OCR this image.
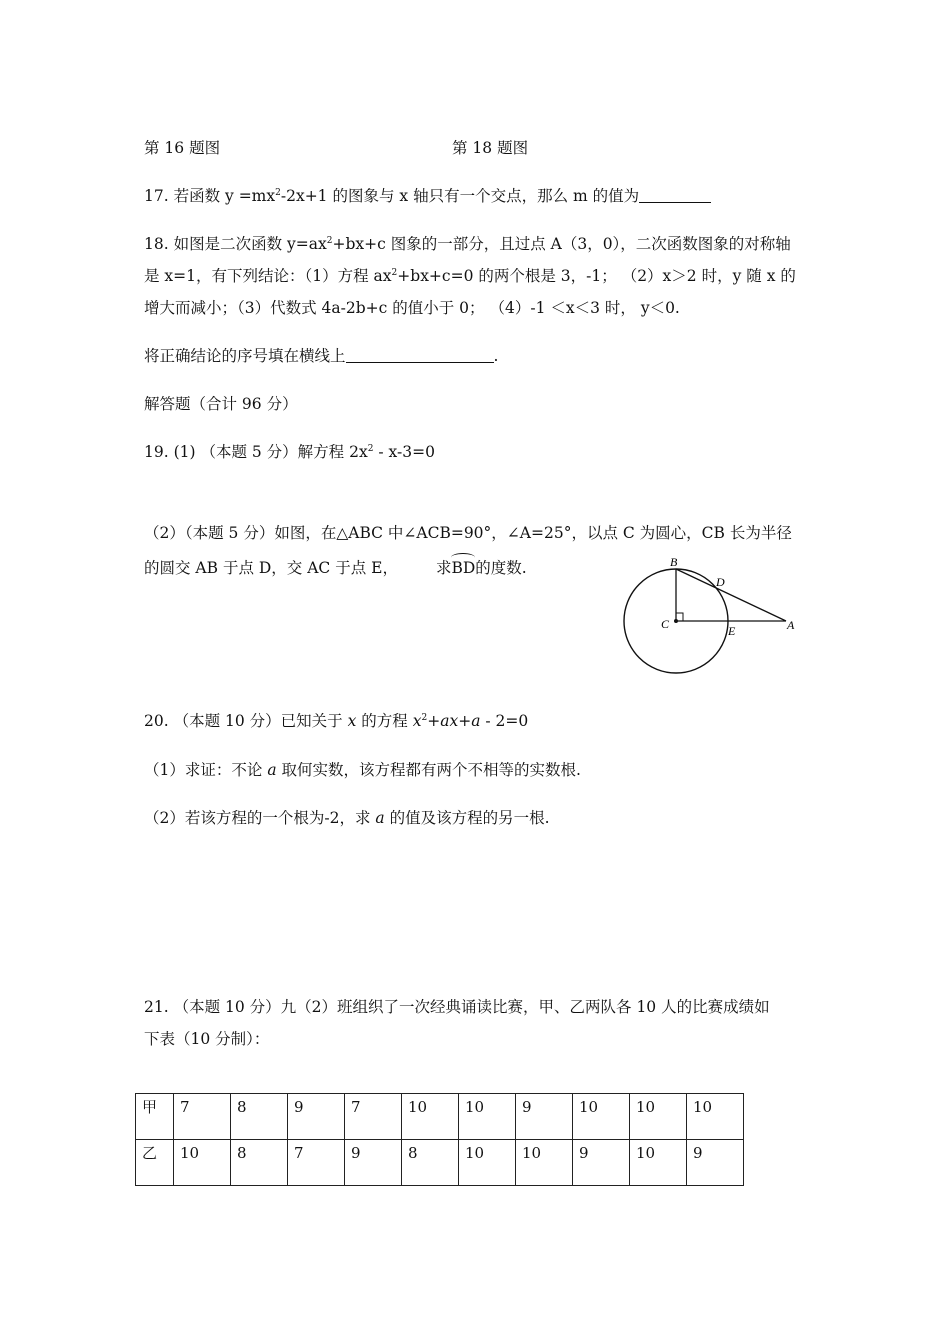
第 16 题图	第 18 题图
17. 若函数 $y =mx^2-2x+1$ 的图象与 x 轴只有一个交点，那么 m 的值为
18. 如图是二次函数 $y=ax^2+bx+c$ 图象的一部分，且过点 A（3，0），二次函数图象的对称轴
是 x=1，有下列结论：（1）方程 $ax^2+bx+c=0$ 的两个根是 3，-1； （2）x＞2 时，y 随 x 的
增大而减小；（3）代数式 4a-2b+c 的值小于 0； （4）-1 ＜x＜3 时， y＜0.
将正确结论的序号填在横线上	.
解答题（合计 96 分）
19. (1) （本题 5 分）解方程 $2x^2 - x-3=0$
（2）（本题 5 分）如图，在△ABC 中∠ACB=90°，∠A=25°，以点 C 为圆心，CB 长为半径
的圆交 AB 于点 D，交 AC 于点 E， 求BD的度数.	B
D
C	E	A
20. （本题 10 分）已知关于 x 的方程 $x^2+ax+a - 2=0$
（1）求证：不论 a 取何实数，该方程都有两个不相等的实数根.
（2）若该方程的一个根为-2，求 a 的值及该方程的另一根.
21. （本题 10 分）九（2）班组织了一次经典诵读比赛，甲、乙两队各 10 人的比赛成绩如
下表（10 分制）：
甲	7	8	9	7	10	10	9	10	10	10
乙	10	8	7	9	8	10	10	9	10	9
